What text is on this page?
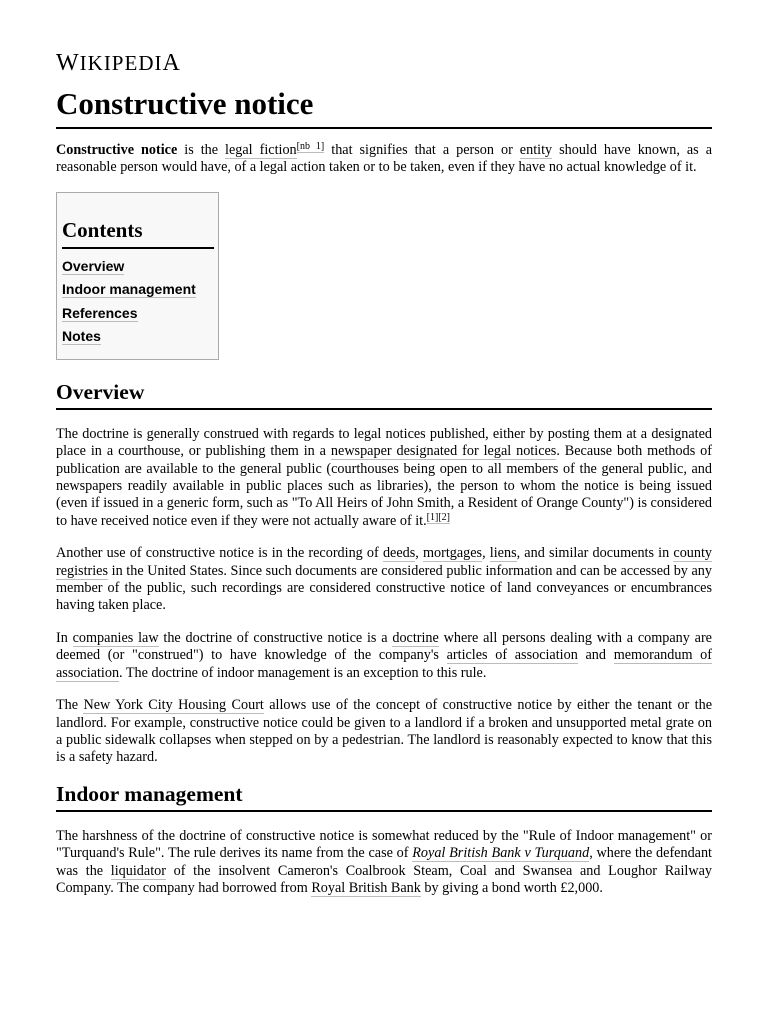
WIKIPEDIA
Constructive notice

Constructive notice is the legal fiction[nb 1] that signifies that a person or entity should have known, as a reasonable person would have, of a legal action taken or to be taken, even if they have no actual knowledge of it.

Contents
Overview
Indoor management
References
Notes
Overview

The doctrine is generally construed with regards to legal notices published, either by posting them at a designated place in a courthouse, or publishing them in a newspaper designated for legal notices. Because both methods of publication are available to the general public (courthouses being open to all members of the general public, and newspapers readily available in public places such as libraries), the person to whom the notice is being issued (even if issued in a generic form, such as "To All Heirs of John Smith, a Resident of Orange County") is considered to have received notice even if they were not actually aware of it.[1][2]

Another use of constructive notice is in the recording of deeds, mortgages, liens, and similar documents in county registries in the United States. Since such documents are considered public information and can be accessed by any member of the public, such recordings are considered constructive notice of land conveyances or encumbrances having taken place.

In companies law the doctrine of constructive notice is a doctrine where all persons dealing with a company are deemed (or "construed") to have knowledge of the company's articles of association and memorandum of association. The doctrine of indoor management is an exception to this rule.

The New York City Housing Court allows use of the concept of constructive notice by either the tenant or the landlord. For example, constructive notice could be given to a landlord if a broken and unsupported metal grate on a public sidewalk collapses when stepped on by a pedestrian. The landlord is reasonably expected to know that this is a safety hazard.

Indoor management

The harshness of the doctrine of constructive notice is somewhat reduced by the "Rule of Indoor management" or "Turquand's Rule". The rule derives its name from the case of Royal British Bank v Turquand, where the defendant was the liquidator of the insolvent Cameron's Coalbrook Steam, Coal and Swansea and Loughor Railway Company. The company had borrowed from Royal British Bank by giving a bond worth £2,000.
